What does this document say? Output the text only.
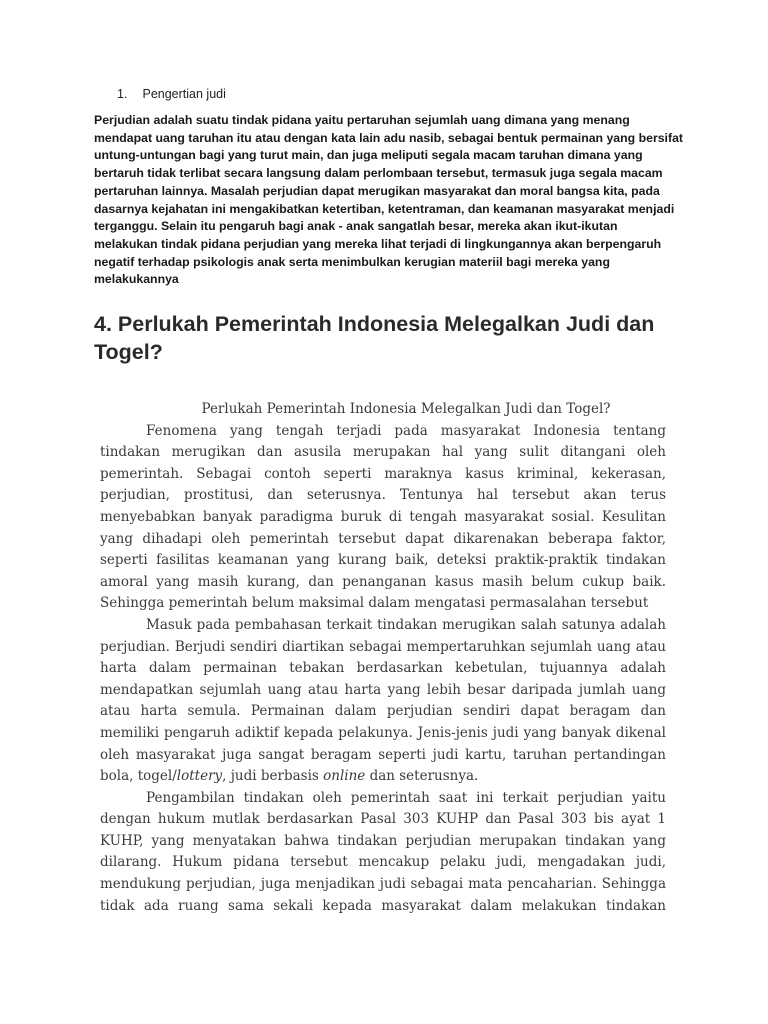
1. Pengertian judi
Perjudian adalah suatu tindak pidana yaitu pertaruhan sejumlah uang dimana yang menang mendapat uang taruhan itu atau dengan kata lain adu nasib, sebagai bentuk permainan yang bersifat untung-untungan bagi yang turut main, dan juga meliputi segala macam taruhan dimana yang bertaruh tidak terlibat secara langsung dalam perlombaan tersebut, termasuk juga segala macam pertaruhan lainnya. Masalah perjudian dapat merugikan masyarakat dan moral bangsa kita, pada dasarnya kejahatan ini mengakibatkan ketertiban, ketentraman, dan keamanan masyarakat menjadi terganggu. Selain itu pengaruh bagi anak - anak sangatlah besar, mereka akan ikut-ikutan melakukan tindak pidana perjudian yang mereka lihat terjadi di lingkungannya akan berpengaruh negatif terhadap psikologis anak serta menimbulkan kerugian materiil bagi mereka yang melakukannya
4. Perlukah Pemerintah Indonesia Melegalkan Judi dan Togel?

Perlukah Pemerintah Indonesia Melegalkan Judi dan Togel?

Fenomena yang tengah terjadi pada masyarakat Indonesia tentang tindakan merugikan dan asusila merupakan hal yang sulit ditangani oleh pemerintah. Sebagai contoh seperti maraknya kasus kriminal, kekerasan, perjudian, prostitusi, dan seterusnya. Tentunya hal tersebut akan terus menyebabkan banyak paradigma buruk di tengah masyarakat sosial. Kesulitan yang dihadapi oleh pemerintah tersebut dapat dikarenakan beberapa faktor, seperti fasilitas keamanan yang kurang baik, deteksi praktik-praktik tindakan amoral yang masih kurang, dan penanganan kasus masih belum cukup baik. Sehingga pemerintah belum maksimal dalam mengatasi permasalahan tersebut

Masuk pada pembahasan terkait tindakan merugikan salah satunya adalah perjudian. Berjudi sendiri diartikan sebagai mempertaruhkan sejumlah uang atau harta dalam permainan tebakan berdasarkan kebetulan, tujuannya adalah mendapatkan sejumlah uang atau harta yang lebih besar daripada jumlah uang atau harta semula. Permainan dalam perjudian sendiri dapat beragam dan memiliki pengaruh adiktif kepada pelakunya. Jenis-jenis judi yang banyak dikenal oleh masyarakat juga sangat beragam seperti judi kartu, taruhan pertandingan bola, togel/lottery, judi berbasis online dan seterusnya.

Pengambilan tindakan oleh pemerintah saat ini terkait perjudian yaitu dengan hukum mutlak berdasarkan Pasal 303 KUHP dan Pasal 303 bis ayat 1 KUHP, yang menyatakan bahwa tindakan perjudian merupakan tindakan yang dilarang. Hukum pidana tersebut mencakup pelaku judi, mengadakan judi, mendukung perjudian, juga menjadikan judi sebagai mata pencaharian. Sehingga tidak ada ruang sama sekali kepada masyarakat dalam melakukan tindakan
